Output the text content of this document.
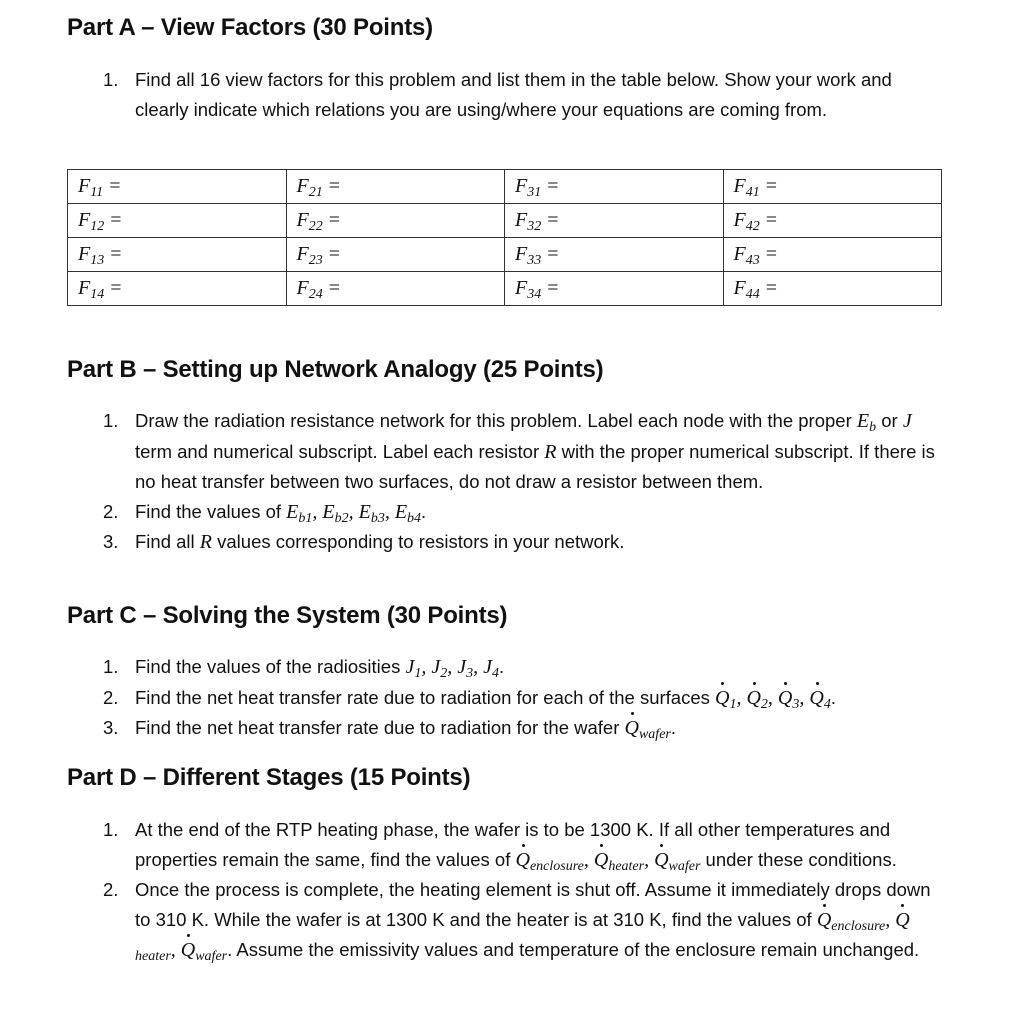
Part A – View Factors (30 Points)
1. Find all 16 view factors for this problem and list them in the table below. Show your work and clearly indicate which relations you are using/where your equations are coming from.
$F_{11}$ =	$F_{21}$ =	$F_{31}$ =	$F_{41}$ =
$F_{12}$ =	$F_{22}$ =	$F_{32}$ =	$F_{42}$ =
$F_{13}$ =	$F_{23}$ =	$F_{33}$ =	$F_{43}$ =
$F_{14}$ =	$F_{24}$ =	$F_{34}$ =	$F_{44}$ =
Part B – Setting up Network Analogy (25 Points)
1. Draw the radiation resistance network for this problem. Label each node with the proper $E_b$ or J term and numerical subscript. Label each resistor R with the proper numerical subscript. If there is no heat transfer between two surfaces, do not draw a resistor between them.
2. Find the values of $E_{b1}$, $E_{b2}$, $E_{b3}$, $E_{b4}$.
3. Find all R values corresponding to resistors in your network.
Part C – Solving the System (30 Points)
1. Find the values of the radiosities $J_1$, $J_2$, $J_3$, $J_4$.
2. Find the net heat transfer rate due to radiation for each of the surfaces $Q_1$, $Q_2$, $Q_3$, $Q_4$.
3. Find the net heat transfer rate due to radiation for the wafer $Q_{wafer}$.
Part D – Different Stages (15 Points)
1. At the end of the RTP heating phase, the wafer is to be 1300 K. If all other temperatures and properties remain the same, find the values of $Q_{enclosure}$, $Q_{heater}$, $Q_{wafer}$ under these conditions.
2. Once the process is complete, the heating element is shut off. Assume it immediately drops down to 310 K. While the wafer is at 1300 K and the heater is at 310 K, find the values of $Q_{enclosure}$, $Q_{heater}$, $Q_{wafer}$. Assume the emissivity values and temperature of the enclosure remain unchanged.
